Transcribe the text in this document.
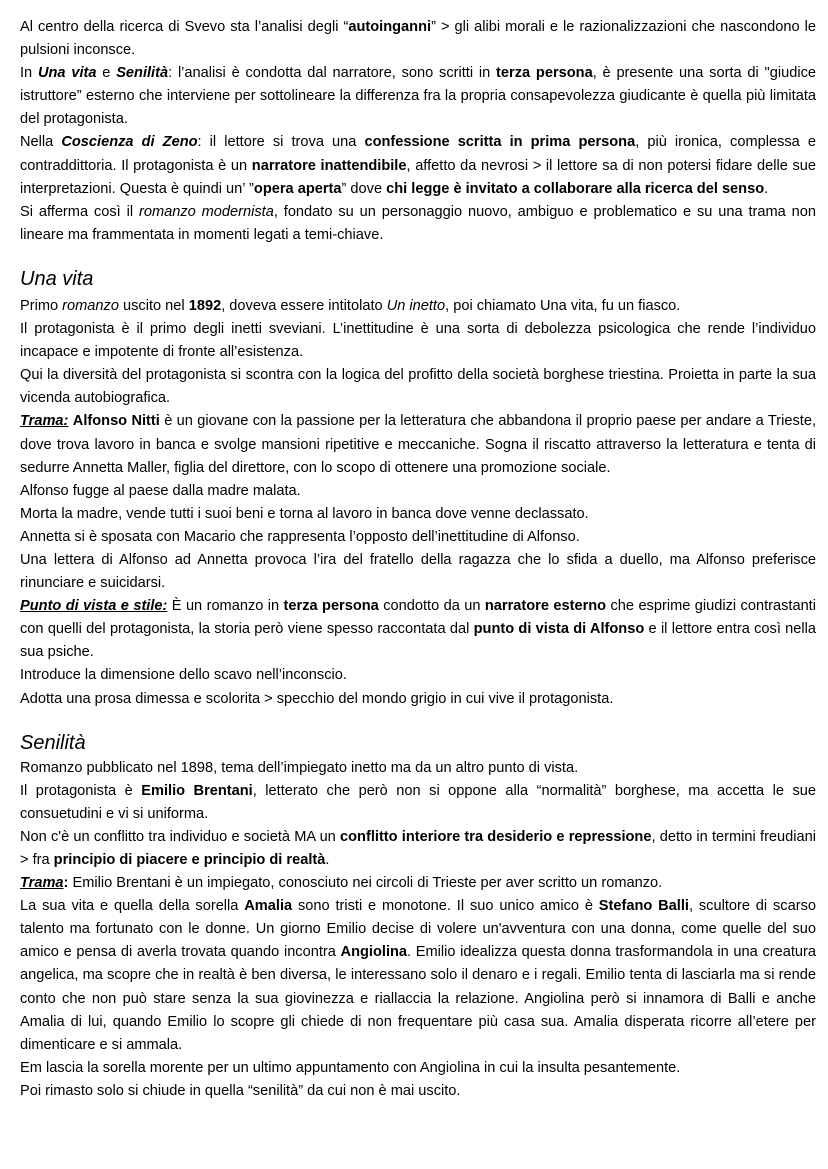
Al centro della ricerca di Svevo sta l’analisi degli “autoinganni” > gli alibi morali e le razionalizzazioni che nascondono le pulsioni inconsce.

In Una vita e Senilità: l’analisi è condotta dal narratore, sono scritti in terza persona, è presente una sorta di "giudice istruttore” esterno che interviene per sottolineare la differenza fra la propria consapevolezza giudicante è quella più limitata del protagonista.

Nella Coscienza di Zeno: il lettore si trova una confessione scritta in prima persona, più ironica, complessa e contraddittoria. Il protagonista è un narratore inattendibile, affetto da nevrosi > il lettore sa di non potersi fidare delle sue interpretazioni. Questa è quindi un’ ”opera aperta” dove chi legge è invitato a collaborare alla ricerca del senso.

Si afferma così il romanzo modernista, fondato su un personaggio nuovo, ambiguo e problematico e su una trama non lineare ma frammentata in momenti legati a temi-chiave.

Una vita

Primo romanzo uscito nel 1892, doveva essere intitolato Un inetto, poi chiamato Una vita, fu un fiasco.

Il protagonista è il primo degli inetti sveviani. L’inettitudine è una sorta di debolezza psicologica che rende l’individuo incapace e impotente di fronte all’esistenza.

Qui la diversità del protagonista si scontra con la logica del profitto della società borghese triestina. Proietta in parte la sua vicenda autobiografica.

Trama: Alfonso Nitti è un giovane con la passione per la letteratura che abbandona il proprio paese per andare a Trieste, dove trova lavoro in banca e svolge mansioni ripetitive e meccaniche. Sogna il riscatto attraverso la letteratura e tenta di sedurre Annetta Maller, figlia del direttore, con lo scopo di ottenere una promozione sociale.

Alfonso fugge al paese dalla madre malata.

Morta la madre, vende tutti i suoi beni e torna al lavoro in banca dove venne declassato.

Annetta si è sposata con Macario che rappresenta l’opposto dell’inettitudine di Alfonso.

Una lettera di Alfonso ad Annetta provoca l’ira del fratello della ragazza che lo sfida a duello, ma Alfonso preferisce rinunciare e suicidarsi.

Punto di vista e stile: È un romanzo in terza persona condotto da un narratore esterno che esprime giudizi contrastanti con quelli del protagonista, la storia però viene spesso raccontata dal punto di vista di Alfonso e il lettore entra così nella sua psiche.

Introduce la dimensione dello scavo nell’inconscio.

Adotta una prosa dimessa e scolorita > specchio del mondo grigio in cui vive il protagonista.

Senilità

Romanzo pubblicato nel 1898, tema dell’impiegato inetto ma da un altro punto di vista.

Il protagonista è Emilio Brentani, letterato che però non si oppone alla “normalità” borghese, ma accetta le sue consuetudini e vi si uniforma.

Non c'è un conflitto tra individuo e società MA un conflitto interiore tra desiderio e repressione, detto in termini freudiani > fra principio di piacere e principio di realtà.

Trama: Emilio Brentani è un impiegato, conosciuto nei circoli di Trieste per aver scritto un romanzo.

La sua vita e quella della sorella Amalia sono tristi e monotone. Il suo unico amico è Stefano Balli, scultore di scarso talento ma fortunato con le donne. Un giorno Emilio decise di volere un'avventura con una donna, come quelle del suo amico e pensa di averla trovata quando incontra Angiolina. Emilio idealizza questa donna trasformandola in una creatura angelica, ma scopre che in realtà è ben diversa, le interessano solo il denaro e i regali. Emilio tenta di lasciarla ma si rende conto che non può stare senza la sua giovinezza e riallaccia la relazione. Angiolina però si innamora di Balli e anche Amalia di lui, quando Emilio lo scopre gli chiede di non frequentare più casa sua. Amalia disperata ricorre all’etere per dimenticare e si ammala.

Em lascia la sorella morente per un ultimo appuntamento con Angiolina in cui la insulta pesantemente.

Poi rimasto solo si chiude in quella “senilità” da cui non è mai uscito.
